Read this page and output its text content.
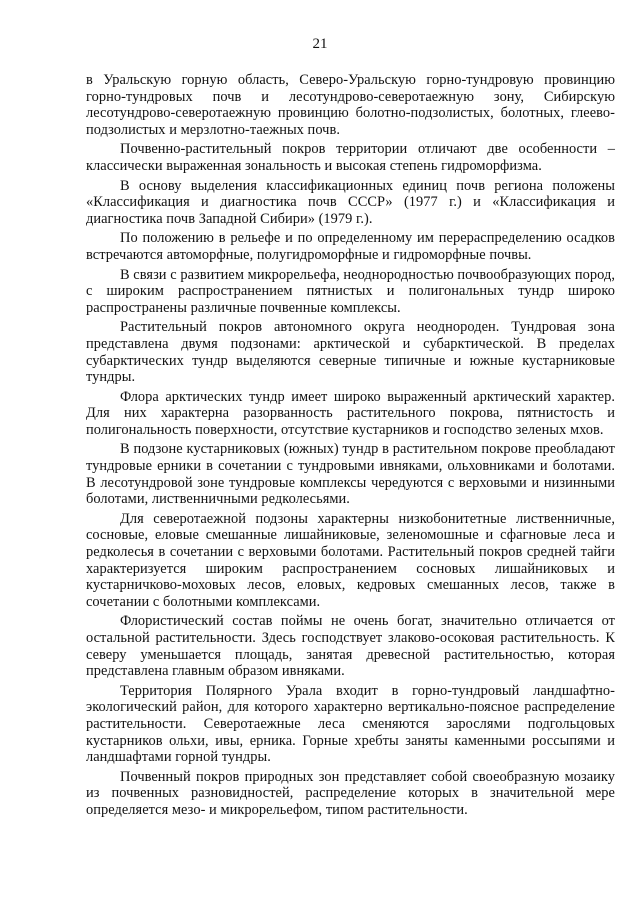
21

в Уральскую горную область, Северо-Уральскую горно-тундровую провинцию горно-тундровых почв и лесотундрово-северотаежную зону, Сибирскую лесотундрово-северотаежную провинцию болотно-подзолистых, болотных, глеево-подзолистых и мерзлотно-таежных почв.

Почвенно-растительный покров территории отличают две особенности – классически выраженная зональность и высокая степень гидроморфизма.

В основу выделения классификационных единиц почв региона положены «Классификация и диагностика почв СССР» (1977 г.) и «Классификация и диагностика почв Западной Сибири» (1979 г.).

По положению в рельефе и по определенному им перераспределению осадков встречаются автоморфные, полугидроморфные и гидроморфные почвы.

В связи с развитием микрорельефа, неоднородностью почвообразующих пород, с широким распространением пятнистых и полигональных тундр широко распространены различные почвенные комплексы.

Растительный покров автономного округа неоднороден. Тундровая зона представлена двумя подзонами: арктической и субарктической. В пределах субарктических тундр выделяются северные типичные и южные кустарниковые тундры.

Флора арктических тундр имеет широко выраженный арктический характер. Для них характерна разорванность растительного покрова, пятнистость и полигональность поверхности, отсутствие кустарников и господство зеленых мхов.

В подзоне кустарниковых (южных) тундр в растительном покрове преобладают тундровые ерники в сочетании с тундровыми ивняками, ольховниками и болотами. В лесотундровой зоне тундровые комплексы чередуются с верховыми и низинными болотами, лиственничными редколесьями.

Для северотаежной подзоны характерны низкобонитетные лиственничные, сосновые, еловые смешанные лишайниковые, зеленомошные и сфагновые леса и редколесья в сочетании с верховыми болотами. Растительный покров средней тайги характеризуется широким распространением сосновых лишайниковых и кустарничково-моховых лесов, еловых, кедровых смешанных лесов, также в сочетании с болотными комплексами.

Флористический состав поймы не очень богат, значительно отличается от остальной растительности. Здесь господствует злаково-осоковая растительность. К северу уменьшается площадь, занятая древесной растительностью, которая представлена главным образом ивняками.

Территория Полярного Урала входит в горно-тундровый ландшафтно-экологический район, для которого характерно вертикально-поясное распределение растительности. Северотаежные леса сменяются зарослями подгольцовых кустарников ольхи, ивы, ерника. Горные хребты заняты каменными россыпями и ландшафтами горной тундры.

Почвенный покров природных зон представляет собой своеобразную мозаику из почвенных разновидностей, распределение которых в значительной мере определяется мезо- и микрорельефом, типом растительности.
